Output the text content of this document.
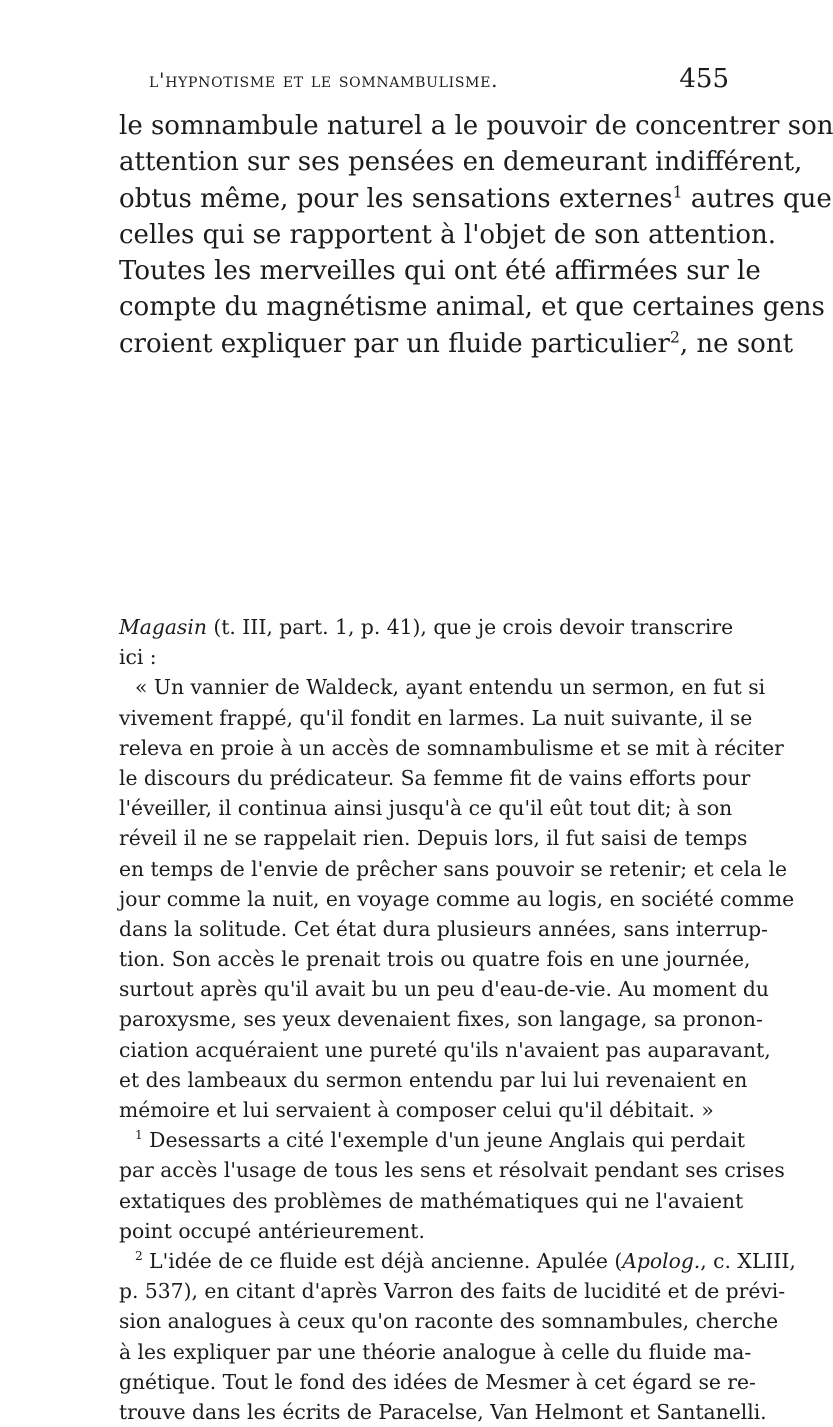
l'hypnotisme et le somnambulisme.	455
le somnambule naturel a le pouvoir de concentrer son
attention sur ses pensées en demeurant indifférent,
obtus même, pour les sensations externes$^1$ autres que
celles qui se rapportent à l'objet de son attention.
Toutes les merveilles qui ont été affirmées sur le
compte du magnétisme animal, et que certaines gens
croient expliquer par un fluide particulier$^2$, ne sont
Magasin (t. III, part. 1, p. 41), que je crois devoir transcrire
ici :
« Un vannier de Waldeck, ayant entendu un sermon, en fut si
vivement frappé, qu'il fondit en larmes. La nuit suivante, il se
releva en proie à un accès de somnambulisme et se mit à réciter
le discours du prédicateur. Sa femme fit de vains efforts pour
l'éveiller, il continua ainsi jusqu'à ce qu'il eût tout dit; à son
réveil il ne se rappelait rien. Depuis lors, il fut saisi de temps
en temps de l'envie de prêcher sans pouvoir se retenir; et cela le
jour comme la nuit, en voyage comme au logis, en société comme
dans la solitude. Cet état dura plusieurs années, sans interrup-
tion. Son accès le prenait trois ou quatre fois en une journée,
surtout après qu'il avait bu un peu d'eau-de-vie. Au moment du
paroxysme, ses yeux devenaient fixes, son langage, sa pronon-
ciation acquéraient une pureté qu'ils n'avaient pas auparavant,
et des lambeaux du sermon entendu par lui lui revenaient en
mémoire et lui servaient à composer celui qu'il débitait. »
$^1$ Desessarts a cité l'exemple d'un jeune Anglais qui perdait
par accès l'usage de tous les sens et résolvait pendant ses crises
extatiques des problèmes de mathématiques qui ne l'avaient
point occupé antérieurement.
$^2$ L'idée de ce fluide est déjà ancienne. Apulée (Apolog., c. XLIII,
p. 537), en citant d'après Varron des faits de lucidité et de prévi-
sion analogues à ceux qu'on raconte des somnambules, cherche
à les expliquer par une théorie analogue à celle du fluide ma-
gnétique. Tout le fond des idées de Mesmer à cet égard se re-
trouve dans les écrits de Paracelse, Van Helmont et Santanelli.
